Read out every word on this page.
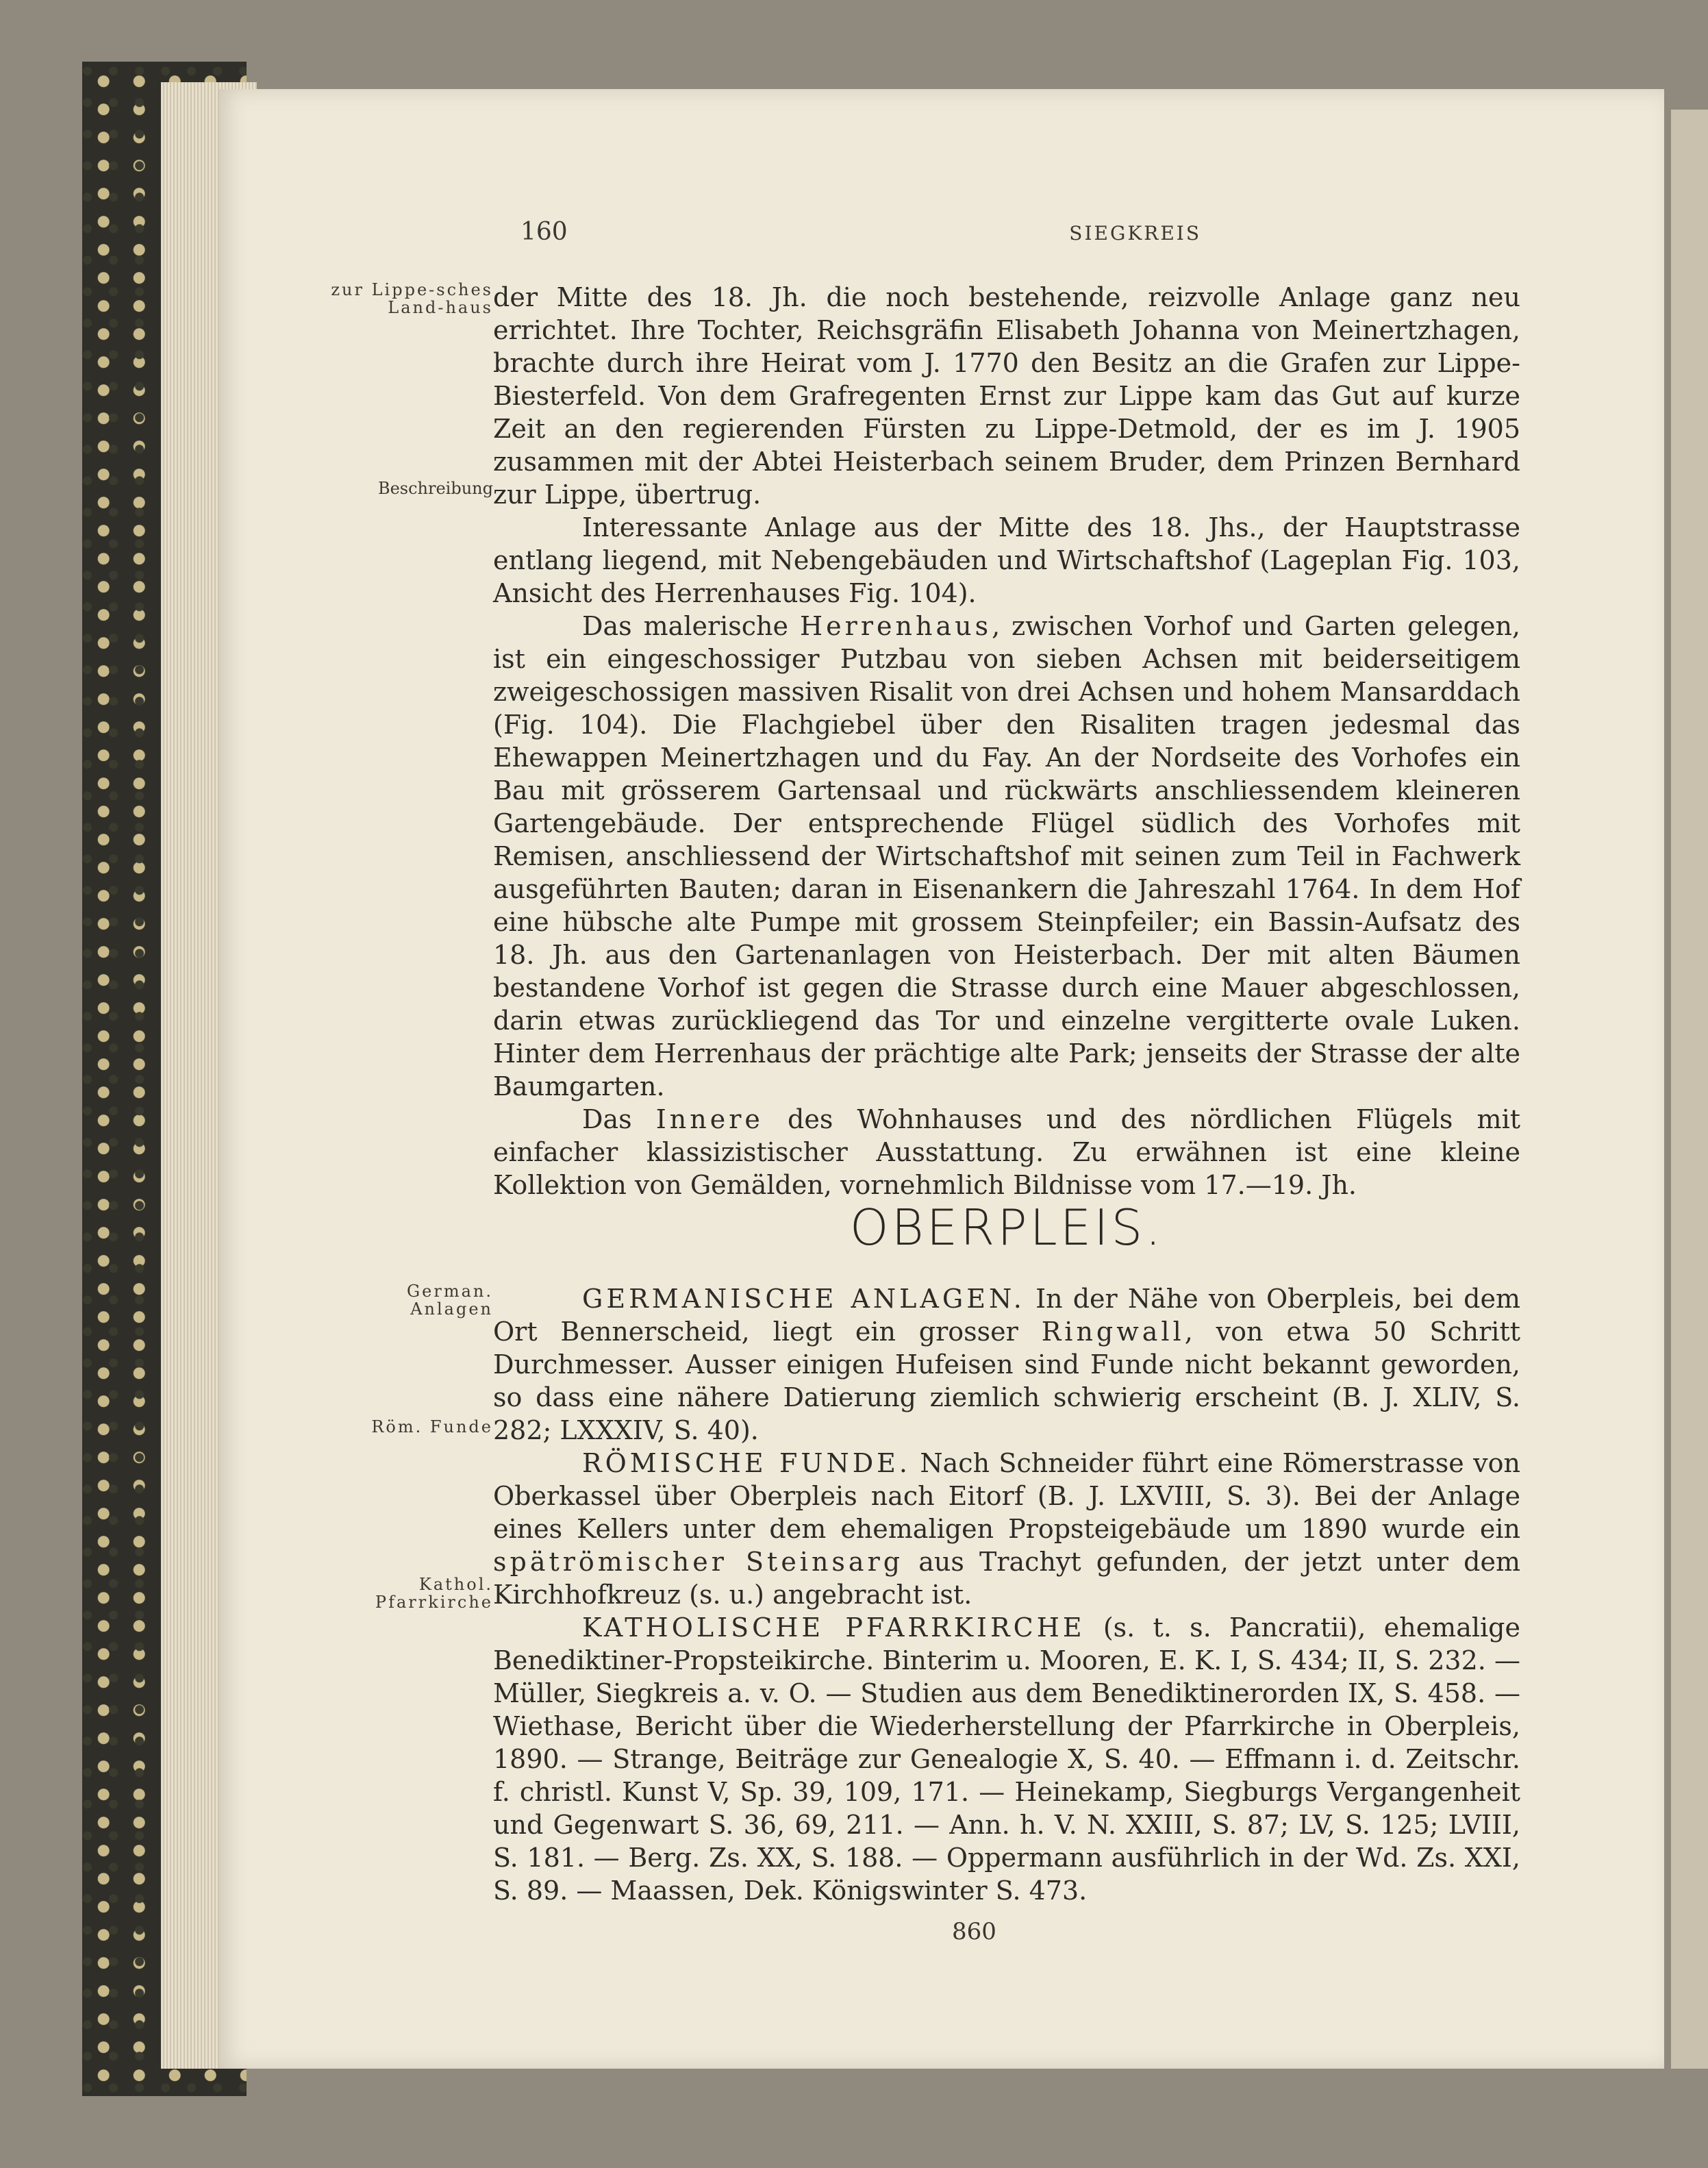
160	SIEGKREIS
zur Lippe-sches Land-haus
Beschreibung
German. Anlagen
Röm. Funde
Kathol. Pfarrkirche

der Mitte des 18. Jh. die noch bestehende, reizvolle Anlage ganz neu errichtet. Ihre Tochter, Reichsgräfin Elisabeth Johanna von Meinertzhagen, brachte durch ihre Heirat vom J. 1770 den Besitz an die Grafen zur Lippe-Biesterfeld. Von dem Grafregenten Ernst zur Lippe kam das Gut auf kurze Zeit an den regierenden Fürsten zu Lippe-Detmold, der es im J. 1905 zusammen mit der Abtei Heisterbach seinem Bruder, dem Prinzen Bernhard zur Lippe, übertrug.

Interessante Anlage aus der Mitte des 18. Jhs., der Hauptstrasse entlang liegend, mit Nebengebäuden und Wirtschaftshof (Lageplan Fig. 103, Ansicht des Herrenhauses Fig. 104).

Das malerische Herrenhaus, zwischen Vorhof und Garten gelegen, ist ein eingeschossiger Putzbau von sieben Achsen mit beiderseitigem zweigeschossigen massiven Risalit von drei Achsen und hohem Mansarddach (Fig. 104). Die Flachgiebel über den Risaliten tragen jedesmal das Ehewappen Meinertzhagen und du Fay. An der Nordseite des Vorhofes ein Bau mit grösserem Gartensaal und rückwärts anschliessendem kleineren Gartengebäude. Der entsprechende Flügel südlich des Vorhofes mit Remisen, anschliessend der Wirtschaftshof mit seinen zum Teil in Fachwerk ausgeführten Bauten; daran in Eisenankern die Jahreszahl 1764. In dem Hof eine hübsche alte Pumpe mit grossem Steinpfeiler; ein Bassin-Aufsatz des 18. Jh. aus den Gartenanlagen von Heisterbach. Der mit alten Bäumen bestandene Vorhof ist gegen die Strasse durch eine Mauer abgeschlossen, darin etwas zurückliegend das Tor und einzelne vergitterte ovale Luken. Hinter dem Herrenhaus der prächtige alte Park; jenseits der Strasse der alte Baumgarten.

Das Innere des Wohnhauses und des nördlichen Flügels mit einfacher klassizistischer Ausstattung. Zu erwähnen ist eine kleine Kollektion von Gemälden, vornehmlich Bildnisse vom 17.—19. Jh.

OBERPLEIS.

GERMANISCHE ANLAGEN. In der Nähe von Oberpleis, bei dem Ort Bennerscheid, liegt ein grosser Ringwall, von etwa 50 Schritt Durchmesser. Ausser einigen Hufeisen sind Funde nicht bekannt geworden, so dass eine nähere Datierung ziemlich schwierig erscheint (B. J. XLIV, S. 282; LXXXIV, S. 40).

RÖMISCHE FUNDE. Nach Schneider führt eine Römerstrasse von Oberkassel über Oberpleis nach Eitorf (B. J. LXVIII, S. 3). Bei der Anlage eines Kellers unter dem ehemaligen Propsteigebäude um 1890 wurde ein spätrömischer Steinsarg aus Trachyt gefunden, der jetzt unter dem Kirchhofkreuz (s. u.) angebracht ist.

KATHOLISCHE PFARRKIRCHE (s. t. s. Pancratii), ehemalige Benediktiner-Propsteikirche. Binterim u. Mooren, E. K. I, S. 434; II, S. 232. — Müller, Siegkreis a. v. O. — Studien aus dem Benediktinerorden IX, S. 458. — Wiethase, Bericht über die Wiederherstellung der Pfarrkirche in Oberpleis, 1890. — Strange, Beiträge zur Genealogie X, S. 40. — Effmann i. d. Zeitschr. f. christl. Kunst V, Sp. 39, 109, 171. — Heinekamp, Siegburgs Vergangenheit und Gegenwart S. 36, 69, 211. — Ann. h. V. N. XXIII, S. 87; LV, S. 125; LVIII, S. 181. — Berg. Zs. XX, S. 188. — Oppermann ausführlich in der Wd. Zs. XXI, S. 89. — Maassen, Dek. Königswinter S. 473.

860
